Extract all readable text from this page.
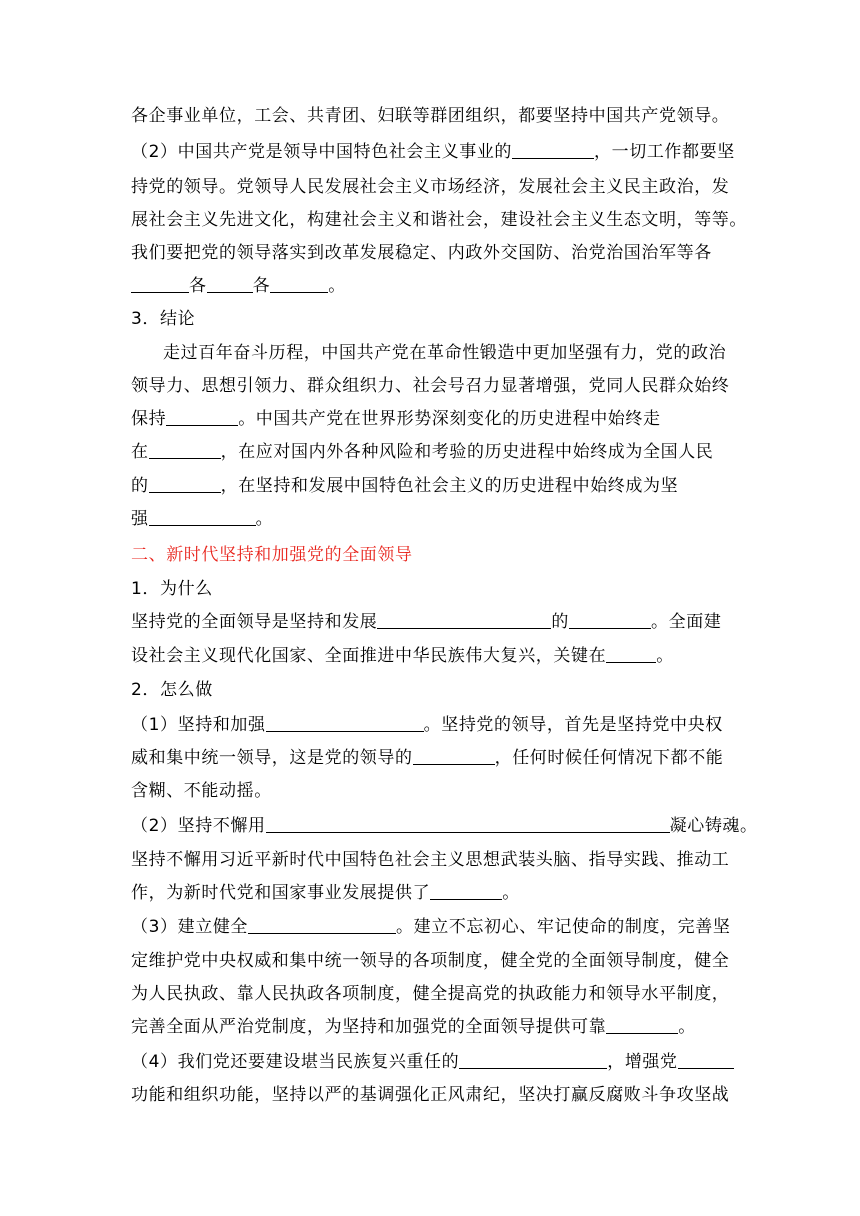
各企事业单位，工会、共青团、妇联等群团组织，都要坚持中国共产党领导。
（2）中国共产党是领导中国特色社会主义事业的	，一切工作都要坚
持党的领导。党领导人民发展社会主义市场经济，发展社会主义民主政治，发
展社会主义先进文化，构建社会主义和谐社会，建设社会主义生态文明，等等。
我们要把党的领导落实到改革发展稳定、内政外交国防、治党治国治军等各
各	各	。
3．结论
走过百年奋斗历程，中国共产党在革命性锻造中更加坚强有力，党的政治
领导力、思想引领力、群众组织力、社会号召力显著增强，党同人民群众始终
保持	。中国共产党在世界形势深刻变化的历史进程中始终走
在	，在应对国内外各种风险和考验的历史进程中始终成为全国人民
的	，在坚持和发展中国特色社会主义的历史进程中始终成为坚
强	。
二、新时代坚持和加强党的全面领导
1．为什么
坚持党的全面领导是坚持和发展	的	。全面建
设社会主义现代化国家、全面推进中华民族伟大复兴，关键在	。
2．怎么做
（1）坚持和加强	。坚持党的领导，首先是坚持党中央权
威和集中统一领导，这是党的领导的	，任何时候任何情况下都不能
含糊、不能动摇。
（2）坚持不懈用	凝心铸魂。
坚持不懈用习近平新时代中国特色社会主义思想武装头脑、指导实践、推动工
作，为新时代党和国家事业发展提供了	。
（3）建立健全	。建立不忘初心、牢记使命的制度，完善坚
定维护党中央权威和集中统一领导的各项制度，健全党的全面领导制度，健全
为人民执政、靠人民执政各项制度，健全提高党的执政能力和领导水平制度，
完善全面从严治党制度，为坚持和加强党的全面领导提供可靠	。
（4）我们党还要建设堪当民族复兴重任的	，增强党
功能和组织功能，坚持以严的基调强化正风肃纪，坚决打赢反腐败斗争攻坚战
